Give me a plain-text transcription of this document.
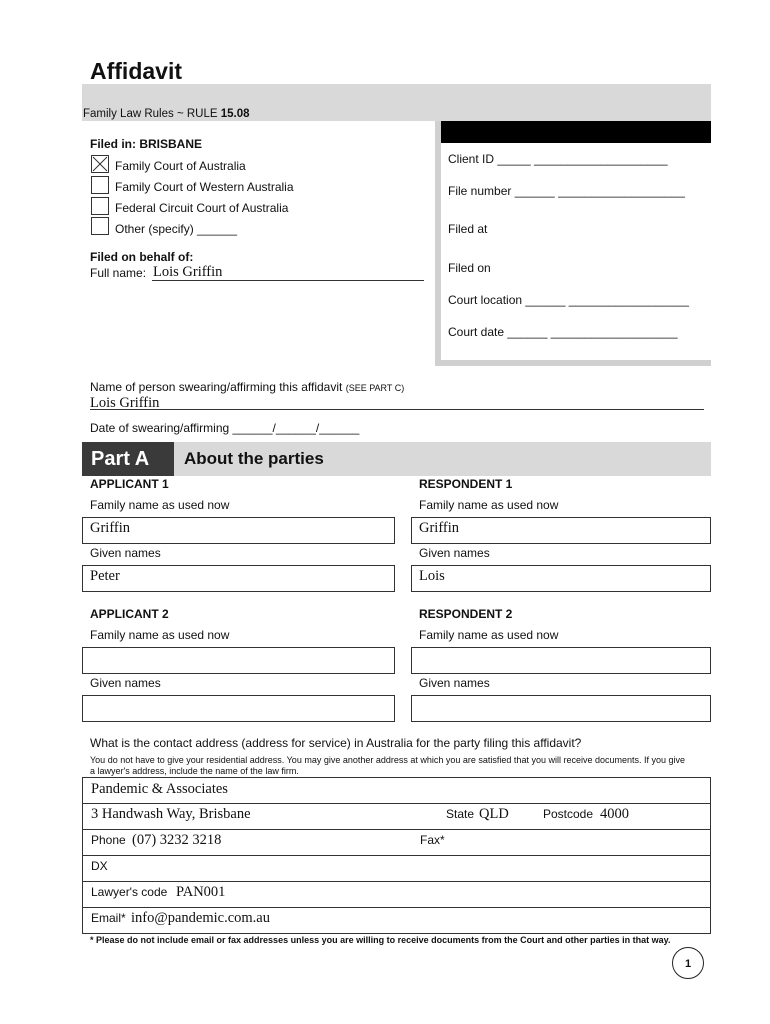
Affidavit
Family Law Rules ~ RULE 15.08
Filed in: BRISBANE
Family Court of Australia
Family Court of Western Australia
Federal Circuit Court of Australia
Other (specify) ______
Filed on behalf of:
Full name: Lois Griffin
Client ID _____ ____________________
File number ______ ___________________
Filed at
Filed on
Court location ______ __________________
Court date ______ ___________________
Name of person swearing/affirming this affidavit (SEE PART C)
Lois Griffin
Date of swearing/affirming ______/______/______
Part A	About the parties
APPLICANT 1
Family name as used now
Griffin
Given names
Peter
RESPONDENT 1
Family name as used now
Griffin
Given names
Lois
APPLICANT 2
Family name as used now
Given names
RESPONDENT 2
Family name as used now
Given names
What is the contact address (address for service) in Australia for the party filing this affidavit?
You do not have to give your residential address. You may give another address at which you are satisfied that you will receive documents. If you give a lawyer's address, include the name of the law firm.
Pandemic & Associates
3 Handwash Way, Brisbane	State QLD	Postcode 4000
Phone (07) 3232 3218	Fax*
DX
Lawyer's code PAN001
Email* info@pandemic.com.au
* Please do not include email or fax addresses unless you are willing to receive documents from the Court and other parties in that way.
1
